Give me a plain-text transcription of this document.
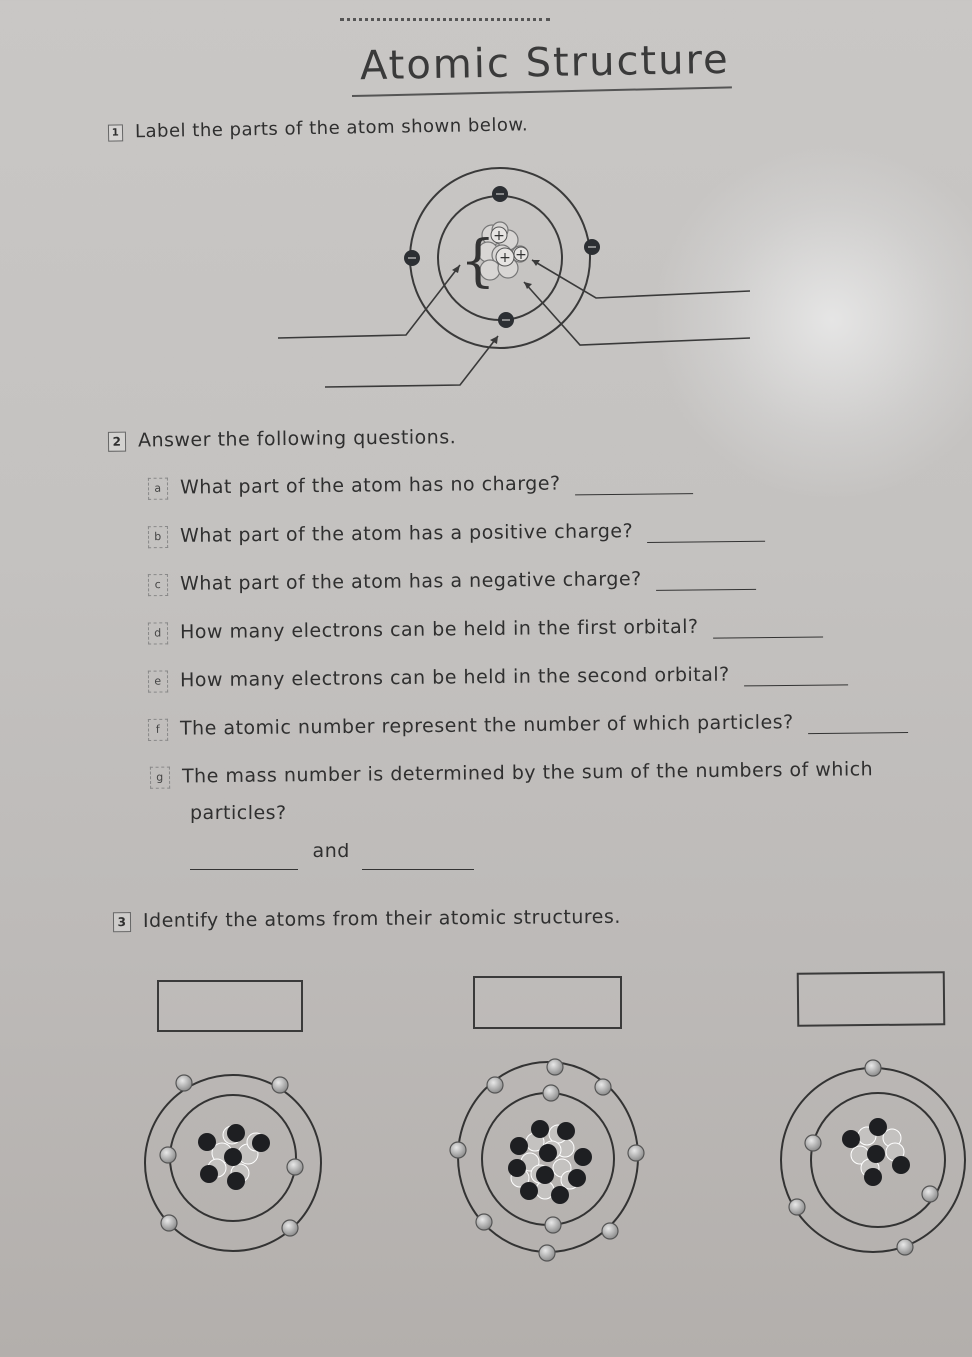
Atomic Structure
1 Label the parts of the atom shown below.
+
+ +
{
2 Answer the following questions.
a What part of the atom has no charge?
b What part of the atom has a positive charge?
c What part of the atom has a negative charge?
d How many electrons can be held in the first orbital?
e How many electrons can be held in the second orbital?
f The atomic number represent the number of which particles?
g The mass number is determined by the sum of the numbers of which
particles?
and
3 Identify the atoms from their atomic structures.
